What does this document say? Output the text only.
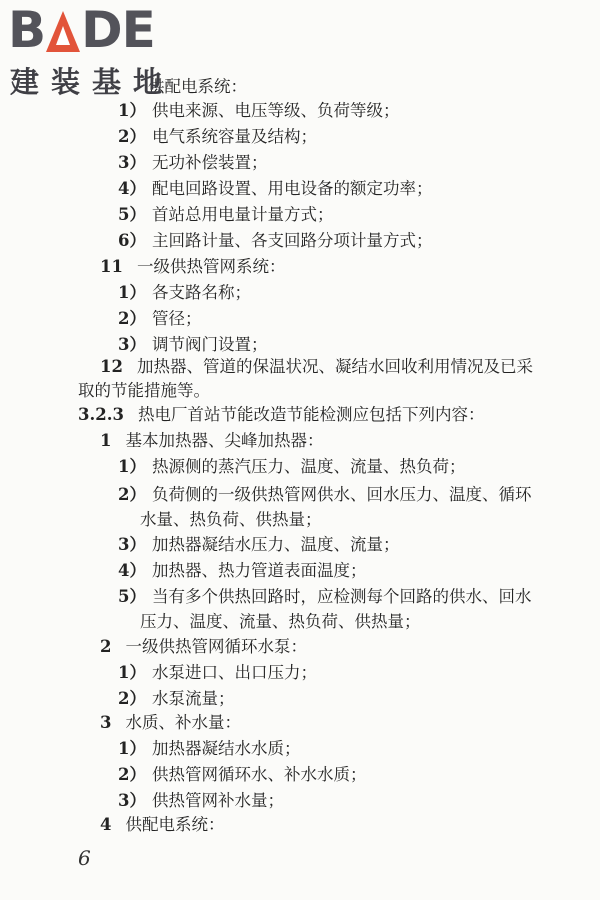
供配电系统：
1） 供电来源、电压等级、负荷等级；
2） 电气系统容量及结构；
3） 无功补偿装置；
4） 配电回路设置、用电设备的额定功率；
5） 首站总用电量计量方式；
6） 主回路计量、各支回路分项计量方式；
11 一级供热管网系统：
1） 各支路名称；
2） 管径；
3） 调节阀门设置；
12 加热器、管道的保温状况、凝结水回收利用情况及已采
取的节能措施等。
3.2.3 热电厂首站节能改造节能检测应包括下列内容：
1 基本加热器、尖峰加热器：
1） 热源侧的蒸汽压力、温度、流量、热负荷；
2） 负荷侧的一级供热管网供水、回水压力、温度、循环
水量、热负荷、供热量；
3） 加热器凝结水压力、温度、流量；
4） 加热器、热力管道表面温度；
5） 当有多个供热回路时，应检测每个回路的供水、回水
压力、温度、流量、热负荷、供热量；
2 一级供热管网循环水泵：
1） 水泵进口、出口压力；
2） 水泵流量；
3 水质、补水量：
1） 加热器凝结水水质；
2） 供热管网循环水、补水水质；
3） 供热管网补水量；
4 供配电系统：
6
B DE
建装基地
